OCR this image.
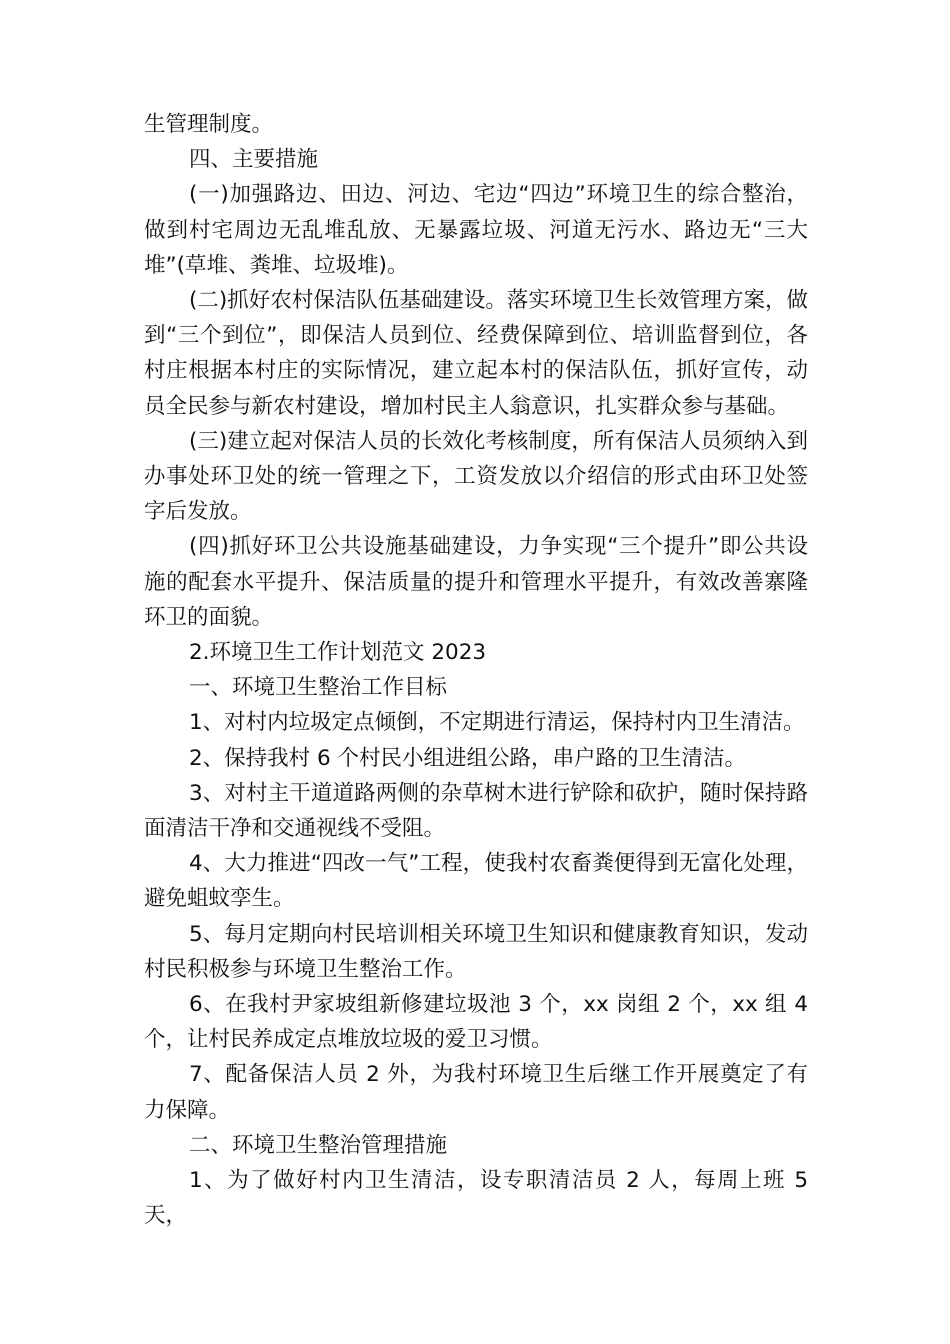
生管理制度。

四、主要措施

(一)加强路边、田边、河边、宅边“四边”环境卫生的综合整治，做到村宅周边无乱堆乱放、无暴露垃圾、河道无污水、路边无“三大堆”(草堆、粪堆、垃圾堆)。

(二)抓好农村保洁队伍基础建设。落实环境卫生长效管理方案，做到“三个到位”，即保洁人员到位、经费保障到位、培训监督到位，各村庄根据本村庄的实际情况，建立起本村的保洁队伍，抓好宣传，动员全民参与新农村建设，增加村民主人翁意识，扎实群众参与基础。

(三)建立起对保洁人员的长效化考核制度，所有保洁人员须纳入到办事处环卫处的统一管理之下，工资发放以介绍信的形式由环卫处签字后发放。

(四)抓好环卫公共设施基础建设，力争实现“三个提升”即公共设施的配套水平提升、保洁质量的提升和管理水平提升，有效改善寨隆环卫的面貌。

2.环境卫生工作计划范文 2023

一、环境卫生整治工作目标

1、对村内垃圾定点倾倒，不定期进行清运，保持村内卫生清洁。

2、保持我村 6 个村民小组进组公路，串户路的卫生清洁。

3、对村主干道道路两侧的杂草树木进行铲除和砍护，随时保持路面清洁干净和交通视线不受阻。

4、大力推进“四改一气”工程，使我村农畜粪便得到无富化处理，避免蛆蚊孪生。

5、每月定期向村民培训相关环境卫生知识和健康教育知识，发动村民积极参与环境卫生整治工作。

6、在我村尹家坡组新修建垃圾池 3 个，xx 岗组 2 个，xx 组 4 个，让村民养成定点堆放垃圾的爱卫习惯。

7、配备保洁人员 2 外，为我村环境卫生后继工作开展奠定了有力保障。

二、环境卫生整治管理措施

1、为了做好村内卫生清洁，设专职清洁员 2 人，每周上班 5 天，
